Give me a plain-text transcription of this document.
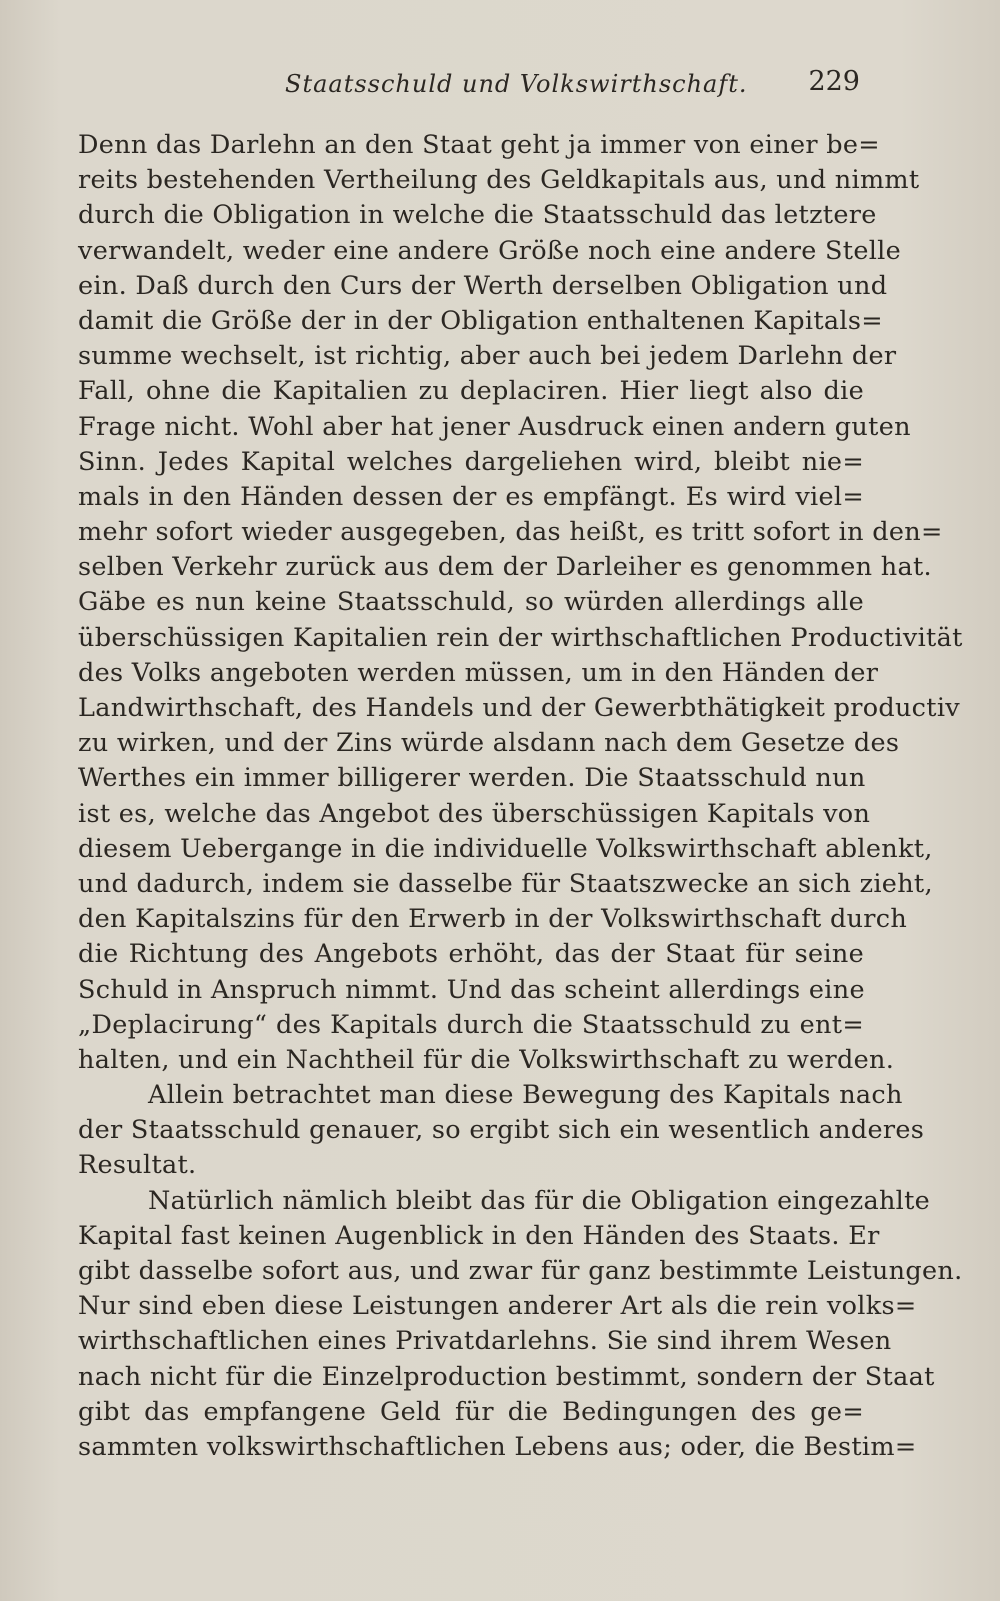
Staatsschuld und Volkswirthschaft. 229
Denn das Darlehn an den Staat geht ja immer von einer be=
reits bestehenden Vertheilung des Geldkapitals aus, und nimmt
durch die Obligation in welche die Staatsschuld das letztere
verwandelt, weder eine andere Größe noch eine andere Stelle
ein. Daß durch den Curs der Werth derselben Obligation und
damit die Größe der in der Obligation enthaltenen Kapitals=
summe wechselt, ist richtig, aber auch bei jedem Darlehn der
Fall, ohne die Kapitalien zu deplaciren. Hier liegt also die
Frage nicht. Wohl aber hat jener Ausdruck einen andern guten
Sinn. Jedes Kapital welches dargeliehen wird, bleibt nie=
mals in den Händen dessen der es empfängt. Es wird viel=
mehr sofort wieder ausgegeben, das heißt, es tritt sofort in den=
selben Verkehr zurück aus dem der Darleiher es genommen hat.
Gäbe es nun keine Staatsschuld, so würden allerdings alle
überschüssigen Kapitalien rein der wirthschaftlichen Productivität
des Volks angeboten werden müssen, um in den Händen der
Landwirthschaft, des Handels und der Gewerbthätigkeit productiv
zu wirken, und der Zins würde alsdann nach dem Gesetze des
Werthes ein immer billigerer werden. Die Staatsschuld nun
ist es, welche das Angebot des überschüssigen Kapitals von
diesem Uebergange in die individuelle Volkswirthschaft ablenkt,
und dadurch, indem sie dasselbe für Staatszwecke an sich zieht,
den Kapitalszins für den Erwerb in der Volkswirthschaft durch
die Richtung des Angebots erhöht, das der Staat für seine
Schuld in Anspruch nimmt. Und das scheint allerdings eine
„Deplacirung“ des Kapitals durch die Staatsschuld zu ent=
halten, und ein Nachtheil für die Volkswirthschaft zu werden.
Allein betrachtet man diese Bewegung des Kapitals nach
der Staatsschuld genauer, so ergibt sich ein wesentlich anderes
Resultat.
Natürlich nämlich bleibt das für die Obligation eingezahlte
Kapital fast keinen Augenblick in den Händen des Staats. Er
gibt dasselbe sofort aus, und zwar für ganz bestimmte Leistungen.
Nur sind eben diese Leistungen anderer Art als die rein volks=
wirthschaftlichen eines Privatdarlehns. Sie sind ihrem Wesen
nach nicht für die Einzelproduction bestimmt, sondern der Staat
gibt das empfangene Geld für die Bedingungen des ge=
sammten volkswirthschaftlichen Lebens aus; oder, die Bestim=
